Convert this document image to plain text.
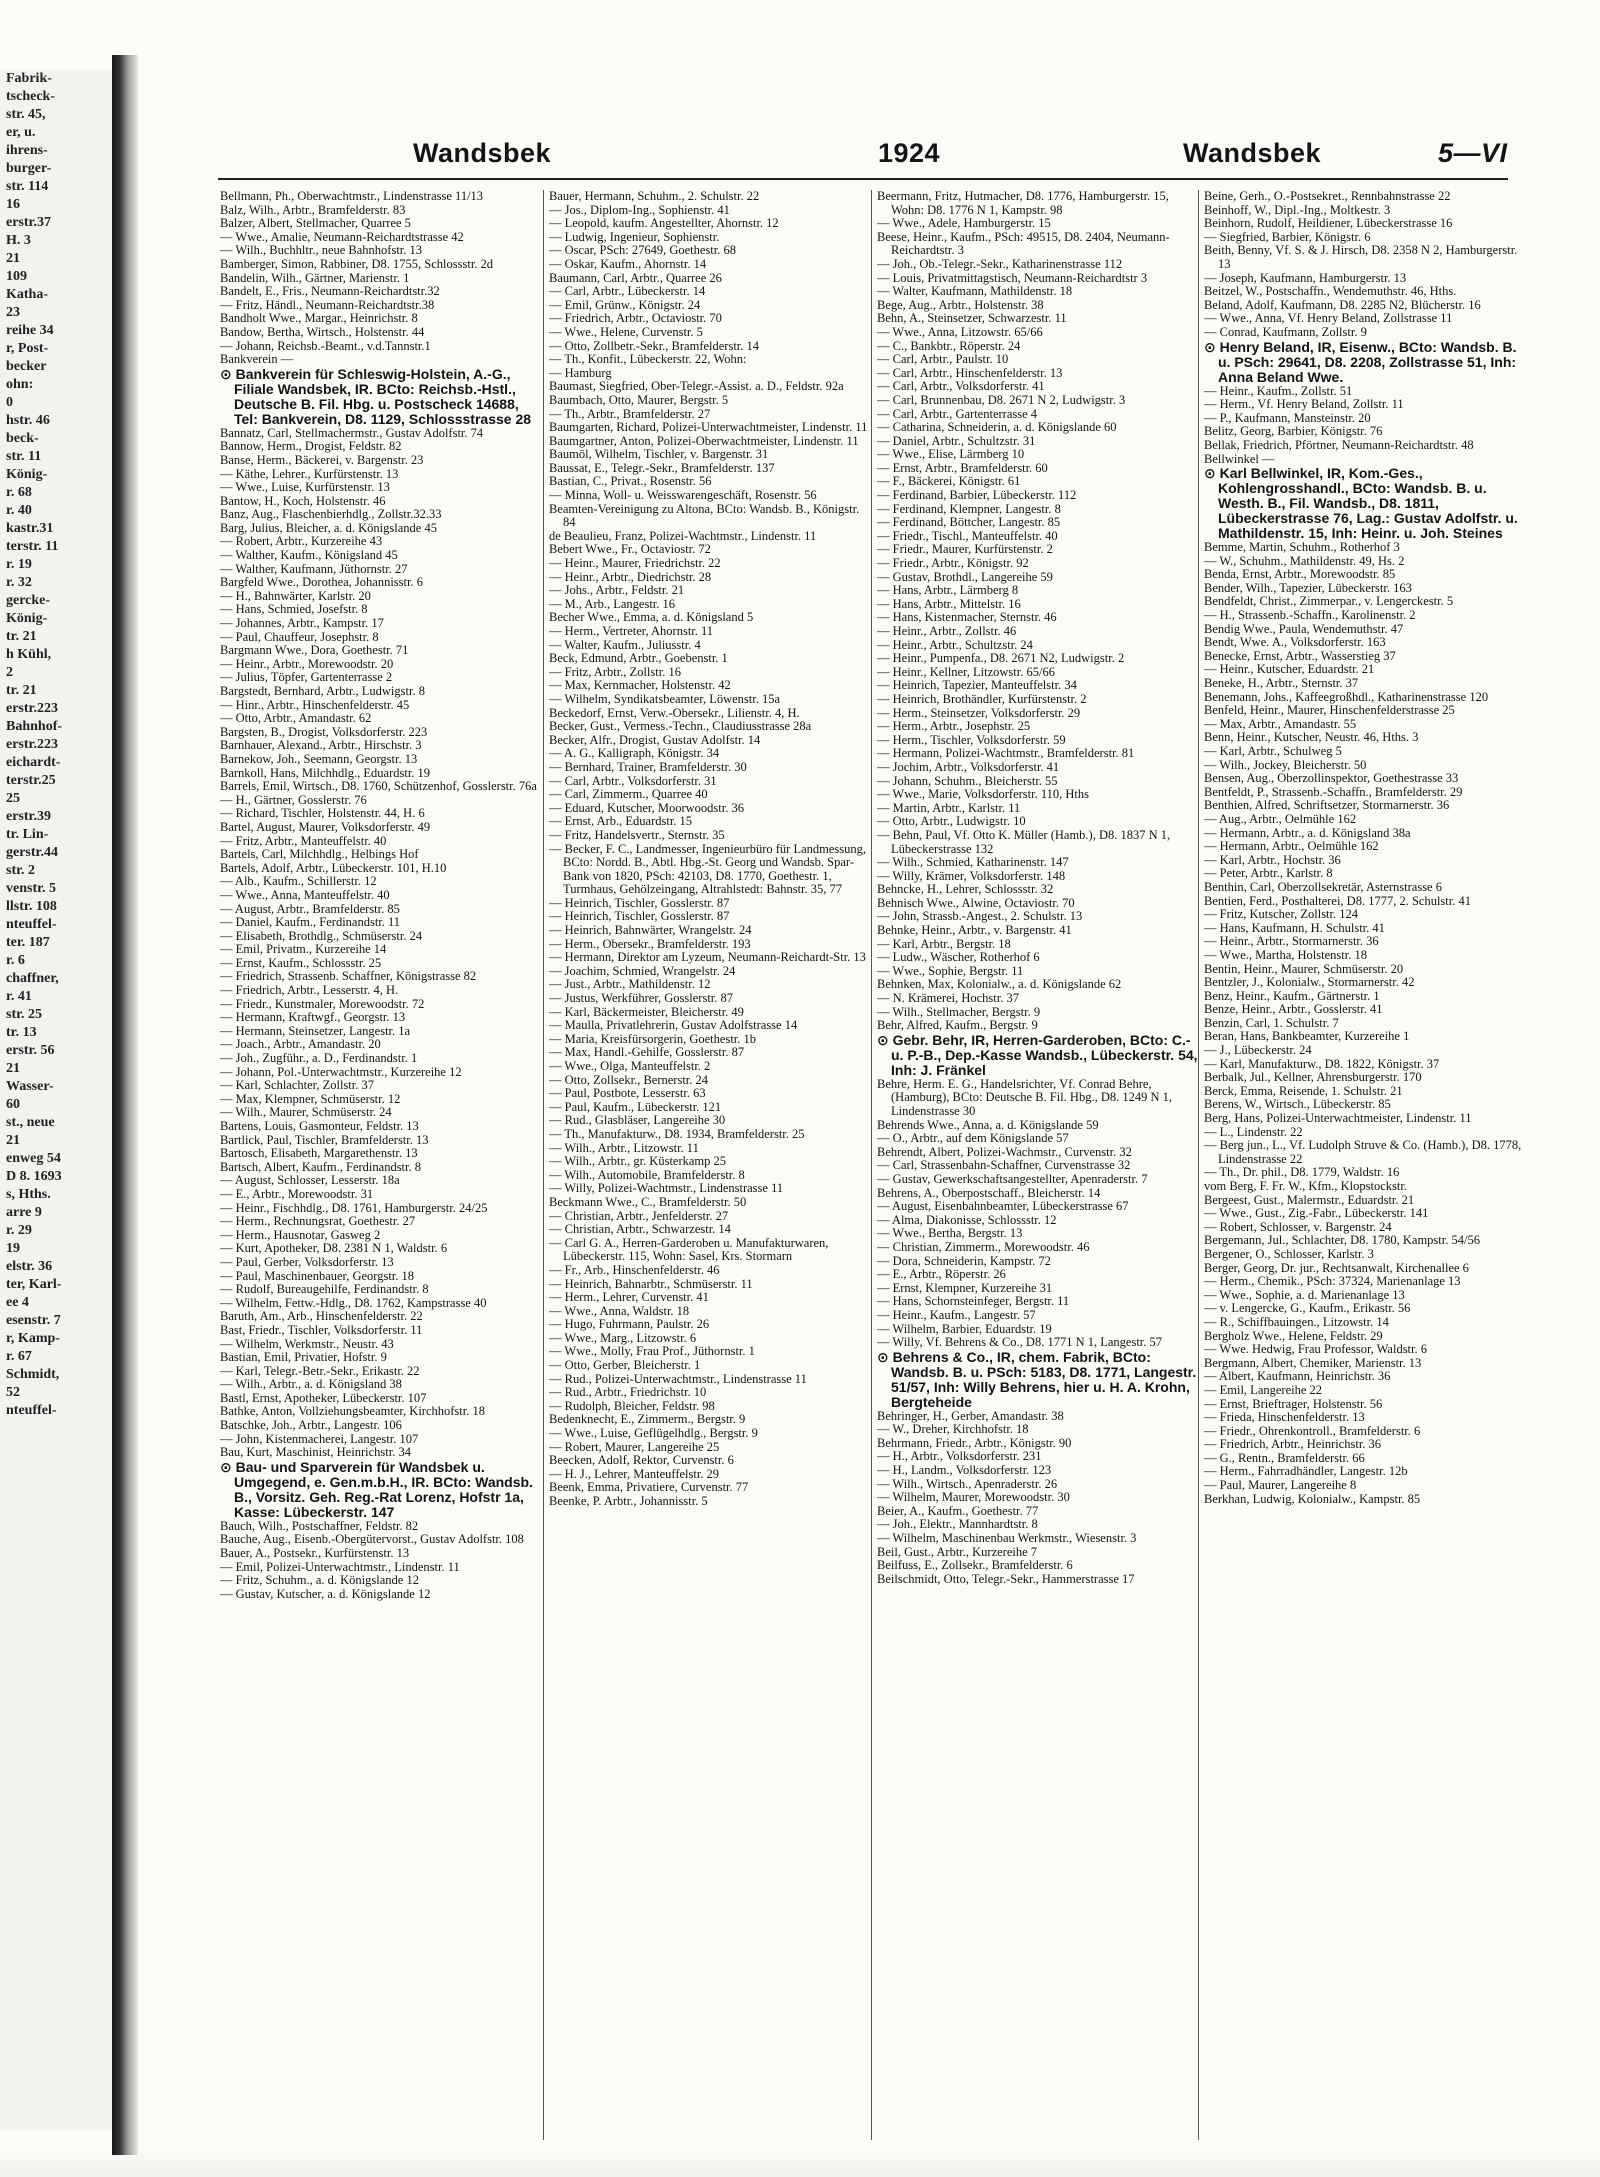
Fabrik-
tscheck-
str. 45,
er, u.
ihrens-
burger-
str. 114
16
erstr.37
H. 3
21
109
Katha-
23
reihe 34
r, Post-
becker
ohn:
0
hstr. 46
beck-
str. 11
König-
r. 68
r. 40
kastr.31
terstr. 11
r. 19
r. 32
gercke-
König-
tr. 21
h Kühl,
2
tr. 21
erstr.223
Bahnhof-
erstr.223
eichardt-
terstr.25
25
erstr.39
tr. Lin-
gerstr.44
str. 2
venstr. 5
llstr. 108
nteuffel-
ter. 187
r. 6
chaffner,
r. 41
str. 25
tr. 13
erstr. 56
21
Wasser-
60
st., neue
21
enweg 54
D 8. 1693
s, Hths.
arre 9
r. 29
19
elstr. 36
ter, Karl-
ee 4
esenstr. 7
r, Kamp-
r. 67
Schmidt,
52
nteuffel-
Wandsbek	1924	Wandsbek	5—VI

Bellmann, Ph., Oberwachtmstr., Lindenstrasse 11/13

Balz, Wilh., Arbtr., Bramfelderstr. 83

Balzer, Albert, Stellmacher, Quarree 5

— Wwe., Amalie, Neumann-Reichardtstrasse 42

— Wilh., Buchhltr., neue Bahnhofstr. 13

Bamberger, Simon, Rabbiner, D8. 1755, Schlossstr. 2d

Bandelin, Wilh., Gärtner, Marienstr. 1

Bandelt, E., Fris., Neumann-Reichardtstr.32

— Fritz, Händl., Neumann-Reichardtstr.38

Bandholt Wwe., Margar., Heinrichstr. 8

Bandow, Bertha, Wirtsch., Holstenstr. 44

— Johann, Reichsb.-Beamt., v.d.Tannstr.1

Bankverein —

⊙ Bankverein für Schleswig-Holstein, A.-G., Filiale Wandsbek, IR. BCto: Reichsb.-Hstl., Deutsche B. Fil. Hbg. u. Postscheck 14688, Tel: Bankverein, D8. 1129, Schlossstrasse 28

Bannatz, Carl, Stellmachermstr., Gustav Adolfstr. 74

Bannow, Herm., Drogist, Feldstr. 82

Banse, Herm., Bäckerei, v. Bargenstr. 23

— Käthe, Lehrer., Kurfürstenstr. 13

— Wwe., Luise, Kurfürstenstr. 13

Bantow, H., Koch, Holstenstr. 46

Banz, Aug., Flaschenbierhdlg., Zollstr.32.33

Barg, Julius, Bleicher, a. d. Königslande 45

— Robert, Arbtr., Kurzereihe 43

— Walther, Kaufm., Königsland 45

— Walther, Kaufmann, Jüthornstr. 27

Bargfeld Wwe., Dorothea, Johannisstr. 6

— H., Bahnwärter, Karlstr. 20

— Hans, Schmied, Josefstr. 8

— Johannes, Arbtr., Kampstr. 17

— Paul, Chauffeur, Josephstr. 8

Bargmann Wwe., Dora, Goethestr. 71

— Heinr., Arbtr., Morewoodstr. 20

— Julius, Töpfer, Gartenterrasse 2

Bargstedt, Bernhard, Arbtr., Ludwigstr. 8

— Hinr., Arbtr., Hinschenfelderstr. 45

— Otto, Arbtr., Amandastr. 62

Bargsten, B., Drogist, Volksdorferstr. 223

Barnhauer, Alexand., Arbtr., Hirschstr. 3

Barnekow, Joh., Seemann, Georgstr. 13

Barnkoll, Hans, Milchhdlg., Eduardstr. 19

Barrels, Emil, Wirtsch., D8. 1760, Schützenhof, Gosslerstr. 76a

— H., Gärtner, Gosslerstr. 76

— Richard, Tischler, Holstenstr. 44, H. 6

Bartel, August, Maurer, Volksdorferstr. 49

— Fritz, Arbtr., Manteuffelstr. 40

Bartels, Carl, Milchhdlg., Helbings Hof

Bartels, Adolf, Arbtr., Lübeckerstr. 101, H.10

— Alb., Kaufm., Schillerstr. 12

— Wwe., Anna, Manteuffelstr. 40

— August, Arbtr., Bramfelderstr. 85

— Daniel, Kaufm., Ferdinandstr. 11

— Elisabeth, Brothdlg., Schmüserstr. 24

— Emil, Privatm., Kurzereihe 14

— Ernst, Kaufm., Schlossstr. 25

— Friedrich, Strassenb. Schaffner, Königstrasse 82

— Friedrich, Arbtr., Lesserstr. 4, H.

— Friedr., Kunstmaler, Morewoodstr. 72

— Hermann, Kraftwgf., Georgstr. 13

— Hermann, Steinsetzer, Langestr. 1a

— Joach., Arbtr., Amandastr. 20

— Joh., Zugführ., a. D., Ferdinandstr. 1

— Johann, Pol.-Unterwachtmstr., Kurzereihe 12

— Karl, Schlachter, Zollstr. 37

— Max, Klempner, Schmüserstr. 12

— Wilh., Maurer, Schmüserstr. 24

Bartens, Louis, Gasmonteur, Feldstr. 13

Bartlick, Paul, Tischler, Bramfelderstr. 13

Bartosch, Elisabeth, Margarethenstr. 13

Bartsch, Albert, Kaufm., Ferdinandstr. 8

— August, Schlosser, Lesserstr. 18a

— E., Arbtr., Morewoodstr. 31

— Heinr., Fischhdlg., D8. 1761, Hamburgerstr. 24/25

— Herm., Rechnungsrat, Goethestr. 27

— Herm., Hausnotar, Gasweg 2

— Kurt, Apotheker, D8. 2381 N 1, Waldstr. 6

— Paul, Gerber, Volksdorferstr. 13

— Paul, Maschinenbauer, Georgstr. 18

— Rudolf, Bureaugehilfe, Ferdinandstr. 8

— Wilhelm, Fettw.-Hdlg., D8. 1762, Kampstrasse 40

Baruth, Am., Arb., Hinschenfelderstr. 22

Bast, Friedr., Tischler, Volksdorferstr. 11

— Wilhelm, Werkmstr., Neustr. 43

Bastian, Emil, Privatier, Hofstr. 9

— Karl, Telegr.-Betr.-Sekr., Erikastr. 22

— Wilh., Arbtr., a. d. Königsland 38

Bastl, Ernst, Apotheker, Lübeckerstr. 107

Bathke, Anton, Vollziehungsbeamter, Kirchhofstr. 18

Batschke, Joh., Arbtr., Langestr. 106

— John, Kistenmacherei, Langestr. 107

Bau, Kurt, Maschinist, Heinrichstr. 34

⊙ Bau- und Sparverein für Wandsbek u. Umgegend, e. Gen.m.b.H., IR. BCto: Wandsb. B., Vorsitz. Geh. Reg.-Rat Lorenz, Hofstr 1a, Kasse: Lübeckerstr. 147

Bauch, Wilh., Postschaffner, Feldstr. 82

Bauche, Aug., Eisenb.-Obergütervorst., Gustav Adolfstr. 108

Bauer, A., Postsekr., Kurfürstenstr. 13

— Emil, Polizei-Unterwachtmstr., Lindenstr. 11

— Fritz, Schuhm., a. d. Königslande 12

— Gustav, Kutscher, a. d. Königslande 12

Bauer, Hermann, Schuhm., 2. Schulstr. 22

— Jos., Diplom-Ing., Sophienstr. 41

— Leopold, kaufm. Angestellter, Ahornstr. 12

— Ludwig, Ingenieur, Sophienstr.

— Oscar, PSch: 27649, Goethestr. 68

— Oskar, Kaufm., Ahornstr. 14

Baumann, Carl, Arbtr., Quarree 26

— Carl, Arbtr., Lübeckerstr. 14

— Emil, Grünw., Königstr. 24

— Friedrich, Arbtr., Octaviostr. 70

— Wwe., Helene, Curvenstr. 5

— Otto, Zollbetr.-Sekr., Bramfelderstr. 14

— Th., Konfit., Lübeckerstr. 22, Wohn:

— Hamburg

Baumast, Siegfried, Ober-Telegr.-Assist. a. D., Feldstr. 92a

Baumbach, Otto, Maurer, Bergstr. 5

— Th., Arbtr., Bramfelderstr. 27

Baumgarten, Richard, Polizei-Unterwachtmeister, Lindenstr. 11

Baumgartner, Anton, Polizei-Oberwachtmeister, Lindenstr. 11

Baumöl, Wilhelm, Tischler, v. Bargenstr. 31

Baussat, E., Telegr.-Sekr., Bramfelderstr. 137

Bastian, C., Privat., Rosenstr. 56

— Minna, Woll- u. Weisswarengeschäft, Rosenstr. 56

Beamten-Vereinigung zu Altona, BCto: Wandsb. B., Königstr. 84

de Beaulieu, Franz, Polizei-Wachtmstr., Lindenstr. 11

Bebert Wwe., Fr., Octaviostr. 72

— Heinr., Maurer, Friedrichstr. 22

— Heinr., Arbtr., Diedrichstr. 28

— Johs., Arbtr., Feldstr. 21

— M., Arb., Langestr. 16

Becher Wwe., Emma, a. d. Königsland 5

— Herm., Vertreter, Ahornstr. 11

— Walter, Kaufm., Juliusstr. 4

Beck, Edmund, Arbtr., Goebenstr. 1

— Fritz, Arbtr., Zollstr. 16

— Max, Kernmacher, Holstenstr. 42

— Wilhelm, Syndikatsbeamter, Löwenstr. 15a

Beckedorf, Ernst, Verw.-Obersekr., Lilienstr. 4, H.

Becker, Gust., Vermess.-Techn., Claudiusstrasse 28a

Becker, Alfr., Drogist, Gustav Adolfstr. 14

— A. G., Kalligraph, Königstr. 34

— Bernhard, Trainer, Bramfelderstr. 30

— Carl, Arbtr., Volksdorferstr. 31

— Carl, Zimmerm., Quarree 40

— Eduard, Kutscher, Moorwoodstr. 36

— Ernst, Arb., Eduardstr. 15

— Fritz, Handelsvertr., Sternstr. 35

— Becker, F. C., Landmesser, Ingenieurbüro für Landmessung, BCto: Nordd. B., Abtl. Hbg.-St. Georg und Wandsb. Spar-Bank von 1820, PSch: 42103, D8. 1770, Goethestr. 1, Turmhaus, Gehölzeingang, Altrahlstedt: Bahnstr. 35, 77

— Heinrich, Tischler, Gosslerstr. 87

— Heinrich, Tischler, Gosslerstr. 87

— Heinrich, Bahnwärter, Wrangelstr. 24

— Herm., Obersekr., Bramfelderstr. 193

— Hermann, Direktor am Lyzeum, Neumann-Reichardt-Str. 13

— Joachim, Schmied, Wrangelstr. 24

— Just., Arbtr., Mathildenstr. 12

— Justus, Werkführer, Gosslerstr. 87

— Karl, Bäckermeister, Bleicherstr. 49

— Maulla, Privatlehrerin, Gustav Adolfstrasse 14

— Maria, Kreisfürsorgerin, Goethestr. 1b

— Max, Handl.-Gehilfe, Gosslerstr. 87

— Wwe., Olga, Manteuffelstr. 2

— Otto, Zollsekr., Bernerstr. 24

— Paul, Postbote, Lesserstr. 63

— Paul, Kaufm., Lübeckerstr. 121

— Rud., Glasbläser, Langereihe 30

— Th., Manufakturw., D8. 1934, Bramfelderstr. 25

— Wilh., Arbtr., Litzowstr. 11

— Wilh., Arbtr., gr. Küsterkamp 25

— Wilh., Automobile, Bramfelderstr. 8

— Willy, Polizei-Wachtmstr., Lindenstrasse 11

Beckmann Wwe., C., Bramfelderstr. 50

— Christian, Arbtr., Jenfelderstr. 27

— Christian, Arbtr., Schwarzestr. 14

— Carl G. A., Herren-Garderoben u. Manufakturwaren, Lübeckerstr. 115, Wohn: Sasel, Krs. Stormarn

— Fr., Arb., Hinschenfelderstr. 46

— Heinrich, Bahnarbtr., Schmüserstr. 11

— Herm., Lehrer, Curvenstr. 41

— Wwe., Anna, Waldstr. 18

— Hugo, Fuhrmann, Paulstr. 26

— Wwe., Marg., Litzowstr. 6

— Wwe., Molly, Frau Prof., Jüthornstr. 1

— Otto, Gerber, Bleicherstr. 1

— Rud., Polizei-Unterwachtmstr., Lindenstrasse 11

— Rud., Arbtr., Friedrichstr. 10

— Rudolph, Bleicher, Feldstr. 98

Bedenknecht, E., Zimmerm., Bergstr. 9

— Wwe., Luise, Geflügelhdlg., Bergstr. 9

— Robert, Maurer, Langereihe 25

Beecken, Adolf, Rektor, Curvenstr. 6

— H. J., Lehrer, Manteuffelstr. 29

Beenk, Emma, Privatiere, Curvenstr. 77

Beenke, P. Arbtr., Johannisstr. 5

Beermann, Fritz, Hutmacher, D8. 1776, Hamburgerstr. 15, Wohn: D8. 1776 N 1, Kampstr. 98

— Wwe., Adele, Hamburgerstr. 15

Beese, Heinr., Kaufm., PSch: 49515, D8. 2404, Neumann-Reichardtstr. 3

— Joh., Ob.-Telegr.-Sekr., Katharinenstrasse 112

— Louis, Privatmittagstisch, Neumann-Reichardtstr 3

— Walter, Kaufmann, Mathildenstr. 18

Bege, Aug., Arbtr., Holstenstr. 38

Behn, A., Steinsetzer, Schwarzestr. 11

— Wwe., Anna, Litzowstr. 65/66

— C., Bankbtr., Röperstr. 24

— Carl, Arbtr., Paulstr. 10

— Carl, Arbtr., Hinschenfelderstr. 13

— Carl, Arbtr., Volksdorferstr. 41

— Carl, Brunnenbau, D8. 2671 N 2, Ludwigstr. 3

— Carl, Arbtr., Gartenterrasse 4

— Catharina, Schneiderin, a. d. Königslande 60

— Daniel, Arbtr., Schultzstr. 31

— Wwe., Elise, Lärmberg 10

— Ernst, Arbtr., Bramfelderstr. 60

— F., Bäckerei, Königstr. 61

— Ferdinand, Barbier, Lübeckerstr. 112

— Ferdinand, Klempner, Langestr. 8

— Ferdinand, Böttcher, Langestr. 85

— Friedr., Tischl., Manteuffelstr. 40

— Friedr., Maurer, Kurfürstenstr. 2

— Friedr., Arbtr., Königstr. 92

— Gustav, Brothdl., Langereihe 59

— Hans, Arbtr., Lärmberg 8

— Hans, Arbtr., Mittelstr. 16

— Hans, Kistenmacher, Sternstr. 46

— Heinr., Arbtr., Zollstr. 46

— Heinr., Arbtr., Schultzstr. 24

— Heinr., Pumpenfa., D8. 2671 N2, Ludwigstr. 2

— Heinr., Kellner, Litzowstr. 65/66

— Heinrich, Tapezier, Manteuffelstr. 34

— Heinrich, Brothändler, Kurfürstenstr. 2

— Herm., Steinsetzer, Volksdorferstr. 29

— Herm., Arbtr., Josephstr. 25

— Herm., Tischler, Volksdorferstr. 59

— Hermann, Polizei-Wachtmstr., Bramfelderstr. 81

— Jochim, Arbtr., Volksdorferstr. 41

— Johann, Schuhm., Bleicherstr. 55

— Wwe., Marie, Volksdorferstr. 110, Hths

— Martin, Arbtr., Karlstr. 11

— Otto, Arbtr., Ludwigstr. 10

— Behn, Paul, Vf. Otto K. Müller (Hamb.), D8. 1837 N 1, Lübeckerstrasse 132

— Wilh., Schmied, Katharinenstr. 147

— Willy, Krämer, Volksdorferstr. 148

Behncke, H., Lehrer, Schlossstr. 32

Behnisch Wwe., Alwine, Octaviostr. 70

— John, Strassb.-Angest., 2. Schulstr. 13

Behnke, Heinr., Arbtr., v. Bargenstr. 41

— Karl, Arbtr., Bergstr. 18

— Ludw., Wäscher, Rotherhof 6

— Wwe., Sophie, Bergstr. 11

Behnken, Max, Kolonialw., a. d. Königslande 62

— N. Krämerei, Hochstr. 37

— Wilh., Stellmacher, Bergstr. 9

Behr, Alfred, Kaufm., Bergstr. 9

⊙ Gebr. Behr, IR, Herren-Garderoben, BCto: C.- u. P.-B., Dep.-Kasse Wandsb., Lübeckerstr. 54, Inh: J. Fränkel

Behre, Herm. E. G., Handelsrichter, Vf. Conrad Behre, (Hamburg), BCto: Deutsche B. Fil. Hbg., D8. 1249 N 1, Lindenstrasse 30

Behrends Wwe., Anna, a. d. Königslande 59

— O., Arbtr., auf dem Königslande 57

Behrendt, Albert, Polizei-Wachmstr., Curvenstr. 32

— Carl, Strassenbahn-Schaffner, Curvenstrasse 32

— Gustav, Gewerkschaftsangestellter, Apenraderstr. 7

Behrens, A., Oberpostschaff., Bleicherstr. 14

— August, Eisenbahnbeamter, Lübeckerstrasse 67

— Alma, Diakonisse, Schlossstr. 12

— Wwe., Bertha, Bergstr. 13

— Christian, Zimmerm., Morewoodstr. 46

— Dora, Schneiderin, Kampstr. 72

— E., Arbtr., Röperstr. 26

— Ernst, Klempner, Kurzereihe 31

— Hans, Schornsteinfeger, Bergstr. 11

— Heinr., Kaufm., Langestr. 57

— Wilhelm, Barbier, Eduardstr. 19

— Willy, Vf. Behrens & Co., D8. 1771 N 1, Langestr. 57

⊙ Behrens & Co., IR, chem. Fabrik, BCto: Wandsb. B. u. PSch: 5183, D8. 1771, Langestr. 51/57, Inh: Willy Behrens, hier u. H. A. Krohn, Bergteheide

Behringer, H., Gerber, Amandastr. 38

— W., Dreher, Kirchhofstr. 18

Behrmann, Friedr., Arbtr., Königstr. 90

— H., Arbtr., Volksdorferstr. 231

— H., Landm., Volksdorferstr. 123

— Wilh., Wirtsch., Apenraderstr. 26

— Wilhelm, Maurer, Morewoodstr. 30

Beier, A., Kaufm., Goethestr. 77

— Joh., Elektr., Mannhardtstr. 8

— Wilhelm, Maschinenbau Werkmstr., Wiesenstr. 3

Beil, Gust., Arbtr., Kurzereihe 7

Beilfuss, E., Zollsekr., Bramfelderstr. 6

Beilschmidt, Otto, Telegr.-Sekr., Hammerstrasse 17

Beine, Gerh., O.-Postsekret., Rennbahnstrasse 22

Beinhoff, W., Dipl.-Ing., Moltkestr. 3

Beinhorn, Rudolf, Heildiener, Lübeckerstrasse 16

— Siegfried, Barbier, Königstr. 6

Beith, Benny, Vf. S. & J. Hirsch, D8. 2358 N 2, Hamburgerstr. 13

— Joseph, Kaufmann, Hamburgerstr. 13

Beitzel, W., Postschaffn., Wendemuthstr. 46, Hths.

Beland, Adolf, Kaufmann, D8. 2285 N2, Blücherstr. 16

— Wwe., Anna, Vf. Henry Beland, Zollstrasse 11

— Conrad, Kaufmann, Zollstr. 9

⊙ Henry Beland, IR, Eisenw., BCto: Wandsb. B. u. PSch: 29641, D8. 2208, Zollstrasse 51, Inh: Anna Beland Wwe.

— Heinr., Kaufm., Zollstr. 51

— Herm., Vf. Henry Beland, Zollstr. 11

— P., Kaufmann, Mansteinstr. 20

Belitz, Georg, Barbier, Königstr. 76

Bellak, Friedrich, Pförtner, Neumann-Reichardtstr. 48

Bellwinkel —

⊙ Karl Bellwinkel, IR, Kom.-Ges., Kohlengrosshandl., BCto: Wandsb. B. u. Westh. B., Fil. Wandsb., D8. 1811, Lübeckerstrasse 76, Lag.: Gustav Adolfstr. u. Mathildenstr. 15, Inh: Heinr. u. Joh. Steines

Bemme, Martin, Schuhm., Rotherhof 3

— W., Schuhm., Mathildenstr. 49, Hs. 2

Benda, Ernst, Arbtr., Morewoodstr. 85

Bender, Wilh., Tapezier, Lübeckerstr. 163

Bendfeldt, Christ., Zimmerpar., v. Lengerckestr. 5

— H., Strassenb.-Schaffn., Karolinenstr. 2

Bendig Wwe., Paula, Wendemuthstr. 47

Bendt, Wwe. A., Volksdorferstr. 163

Benecke, Ernst, Arbtr., Wasserstieg 37

— Heinr., Kutscher, Eduardstr. 21

Beneke, H., Arbtr., Sternstr. 37

Benemann, Johs., Kaffeegroßhdl., Katharinenstrasse 120

Benfeld, Heinr., Maurer, Hinschenfelderstrasse 25

— Max, Arbtr., Amandastr. 55

Benn, Heinr., Kutscher, Neustr. 46, Hths. 3

— Karl, Arbtr., Schulweg 5

— Wilh., Jockey, Bleicherstr. 50

Bensen, Aug., Oberzollinspektor, Goethestrasse 33

Bentfeldt, P., Strassenb.-Schaffn., Bramfelderstr. 29

Benthien, Alfred, Schriftsetzer, Stormarnerstr. 36

— Aug., Arbtr., Oelmühle 162

— Hermann, Arbtr., a. d. Königsland 38a

— Hermann, Arbtr., Oelmühle 162

— Karl, Arbtr., Hochstr. 36

— Peter, Arbtr., Karlstr. 8

Benthin, Carl, Oberzollsekretär, Asternstrasse 6

Bentien, Ferd., Posthalterei, D8. 1777, 2. Schulstr. 41

— Fritz, Kutscher, Zollstr. 124

— Hans, Kaufmann, H. Schulstr. 41

— Heinr., Arbtr., Stormarnerstr. 36

— Wwe., Martha, Holstenstr. 18

Bentin, Heinr., Maurer, Schmüserstr. 20

Bentzler, J., Kolonialw., Stormarnerstr. 42

Benz, Heinr., Kaufm., Gärtnerstr. 1

Benze, Heinr., Arbtr., Gosslerstr. 41

Benzin, Carl, 1. Schulstr. 7

Beran, Hans, Bankbeamter, Kurzereihe 1

— J., Lübeckerstr. 24

— Karl, Manufakturw., D8. 1822, Königstr. 37

Berbalk, Jul., Kellner, Ahrensburgerstr. 170

Berck, Emma, Reisende, 1. Schulstr. 21

Berens, W., Wirtsch., Lübeckerstr. 85

Berg, Hans, Polizei-Unterwachtmeister, Lindenstr. 11

— L., Lindenstr. 22

— Berg jun., L., Vf. Ludolph Struve & Co. (Hamb.), D8. 1778, Lindenstrasse 22

— Th., Dr. phil., D8. 1779, Waldstr. 16

vom Berg, F. Fr. W., Kfm., Klopstockstr.

Bergeest, Gust., Malermstr., Eduardstr. 21

— Wwe., Gust., Zig.-Fabr., Lübeckerstr. 141

— Robert, Schlosser, v. Bargenstr. 24

Bergemann, Jul., Schlachter, D8. 1780, Kampstr. 54/56

Bergener, O., Schlosser, Karlstr. 3

Berger, Georg, Dr. jur., Rechtsanwalt, Kirchenallee 6

— Herm., Chemik., PSch: 37324, Marienanlage 13

— Wwe., Sophie, a. d. Marienanlage 13

— v. Lengercke, G., Kaufm., Erikastr. 56

— R., Schiffbauingen., Litzowstr. 14

Bergholz Wwe., Helene, Feldstr. 29

— Wwe. Hedwig, Frau Professor, Waldstr. 6

Bergmann, Albert, Chemiker, Marienstr. 13

— Albert, Kaufmann, Heinrichstr. 36

— Emil, Langereihe 22

— Ernst, Brieftrager, Holstenstr. 56

— Frieda, Hinschenfelderstr. 13

— Friedr., Ohrenkontroll., Bramfelderstr. 6

— Friedrich, Arbtr., Heinrichstr. 36

— G., Rentn., Bramfelderstr. 66

— Herm., Fahrradhändler, Langestr. 12b

— Paul, Maurer, Langereihe 8

Berkhan, Ludwig, Kolonialw., Kampstr. 85
